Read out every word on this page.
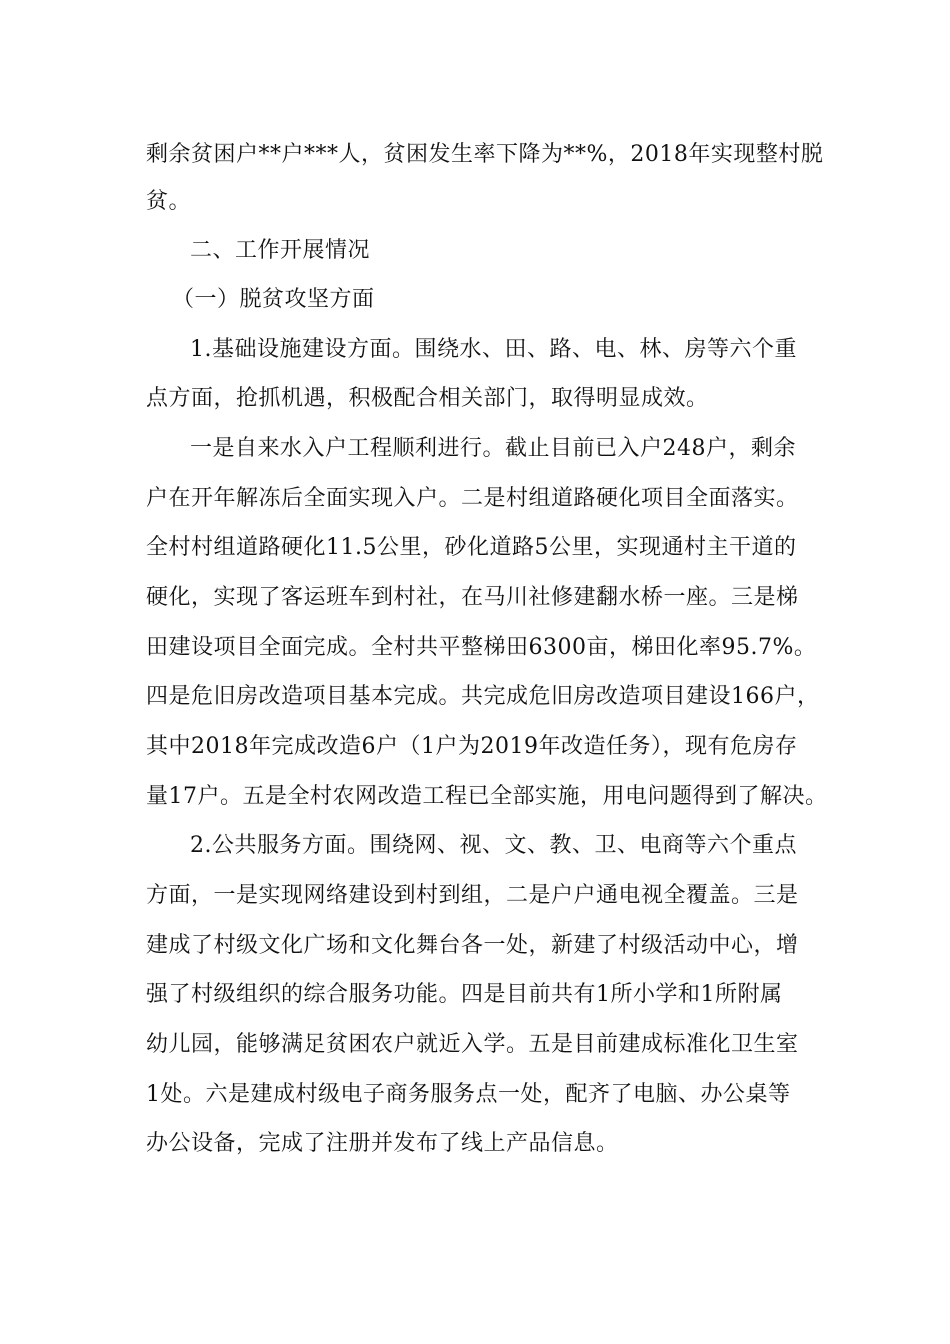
剩余贫困户**户***人，贫困发生率下降为**%，2018年实现整村脱
贫。
二、工作开展情况
（一）脱贫攻坚方面
1.基础设施建设方面。围绕水、田、路、电、林、房等六个重
点方面，抢抓机遇，积极配合相关部门，取得明显成效。
一是自来水入户工程顺利进行。截止目前已入户248户，剩余
户在开年解冻后全面实现入户。二是村组道路硬化项目全面落实。
全村村组道路硬化11.5公里，砂化道路5公里，实现通村主干道的
硬化，实现了客运班车到村社，在马川社修建翻水桥一座。三是梯
田建设项目全面完成。全村共平整梯田6300亩，梯田化率95.7%。
四是危旧房改造项目基本完成。共完成危旧房改造项目建设166户，
其中2018年完成改造6户（1户为2019年改造任务），现有危房存
量17户。五是全村农网改造工程已全部实施，用电问题得到了解决。
2.公共服务方面。围绕网、视、文、教、卫、电商等六个重点
方面，一是实现网络建设到村到组，二是户户通电视全覆盖。三是
建成了村级文化广场和文化舞台各一处，新建了村级活动中心，增
强了村级组织的综合服务功能。四是目前共有1所小学和1所附属
幼儿园，能够满足贫困农户就近入学。五是目前建成标准化卫生室
1处。六是建成村级电子商务服务点一处，配齐了电脑、办公桌等
办公设备，完成了注册并发布了线上产品信息。
